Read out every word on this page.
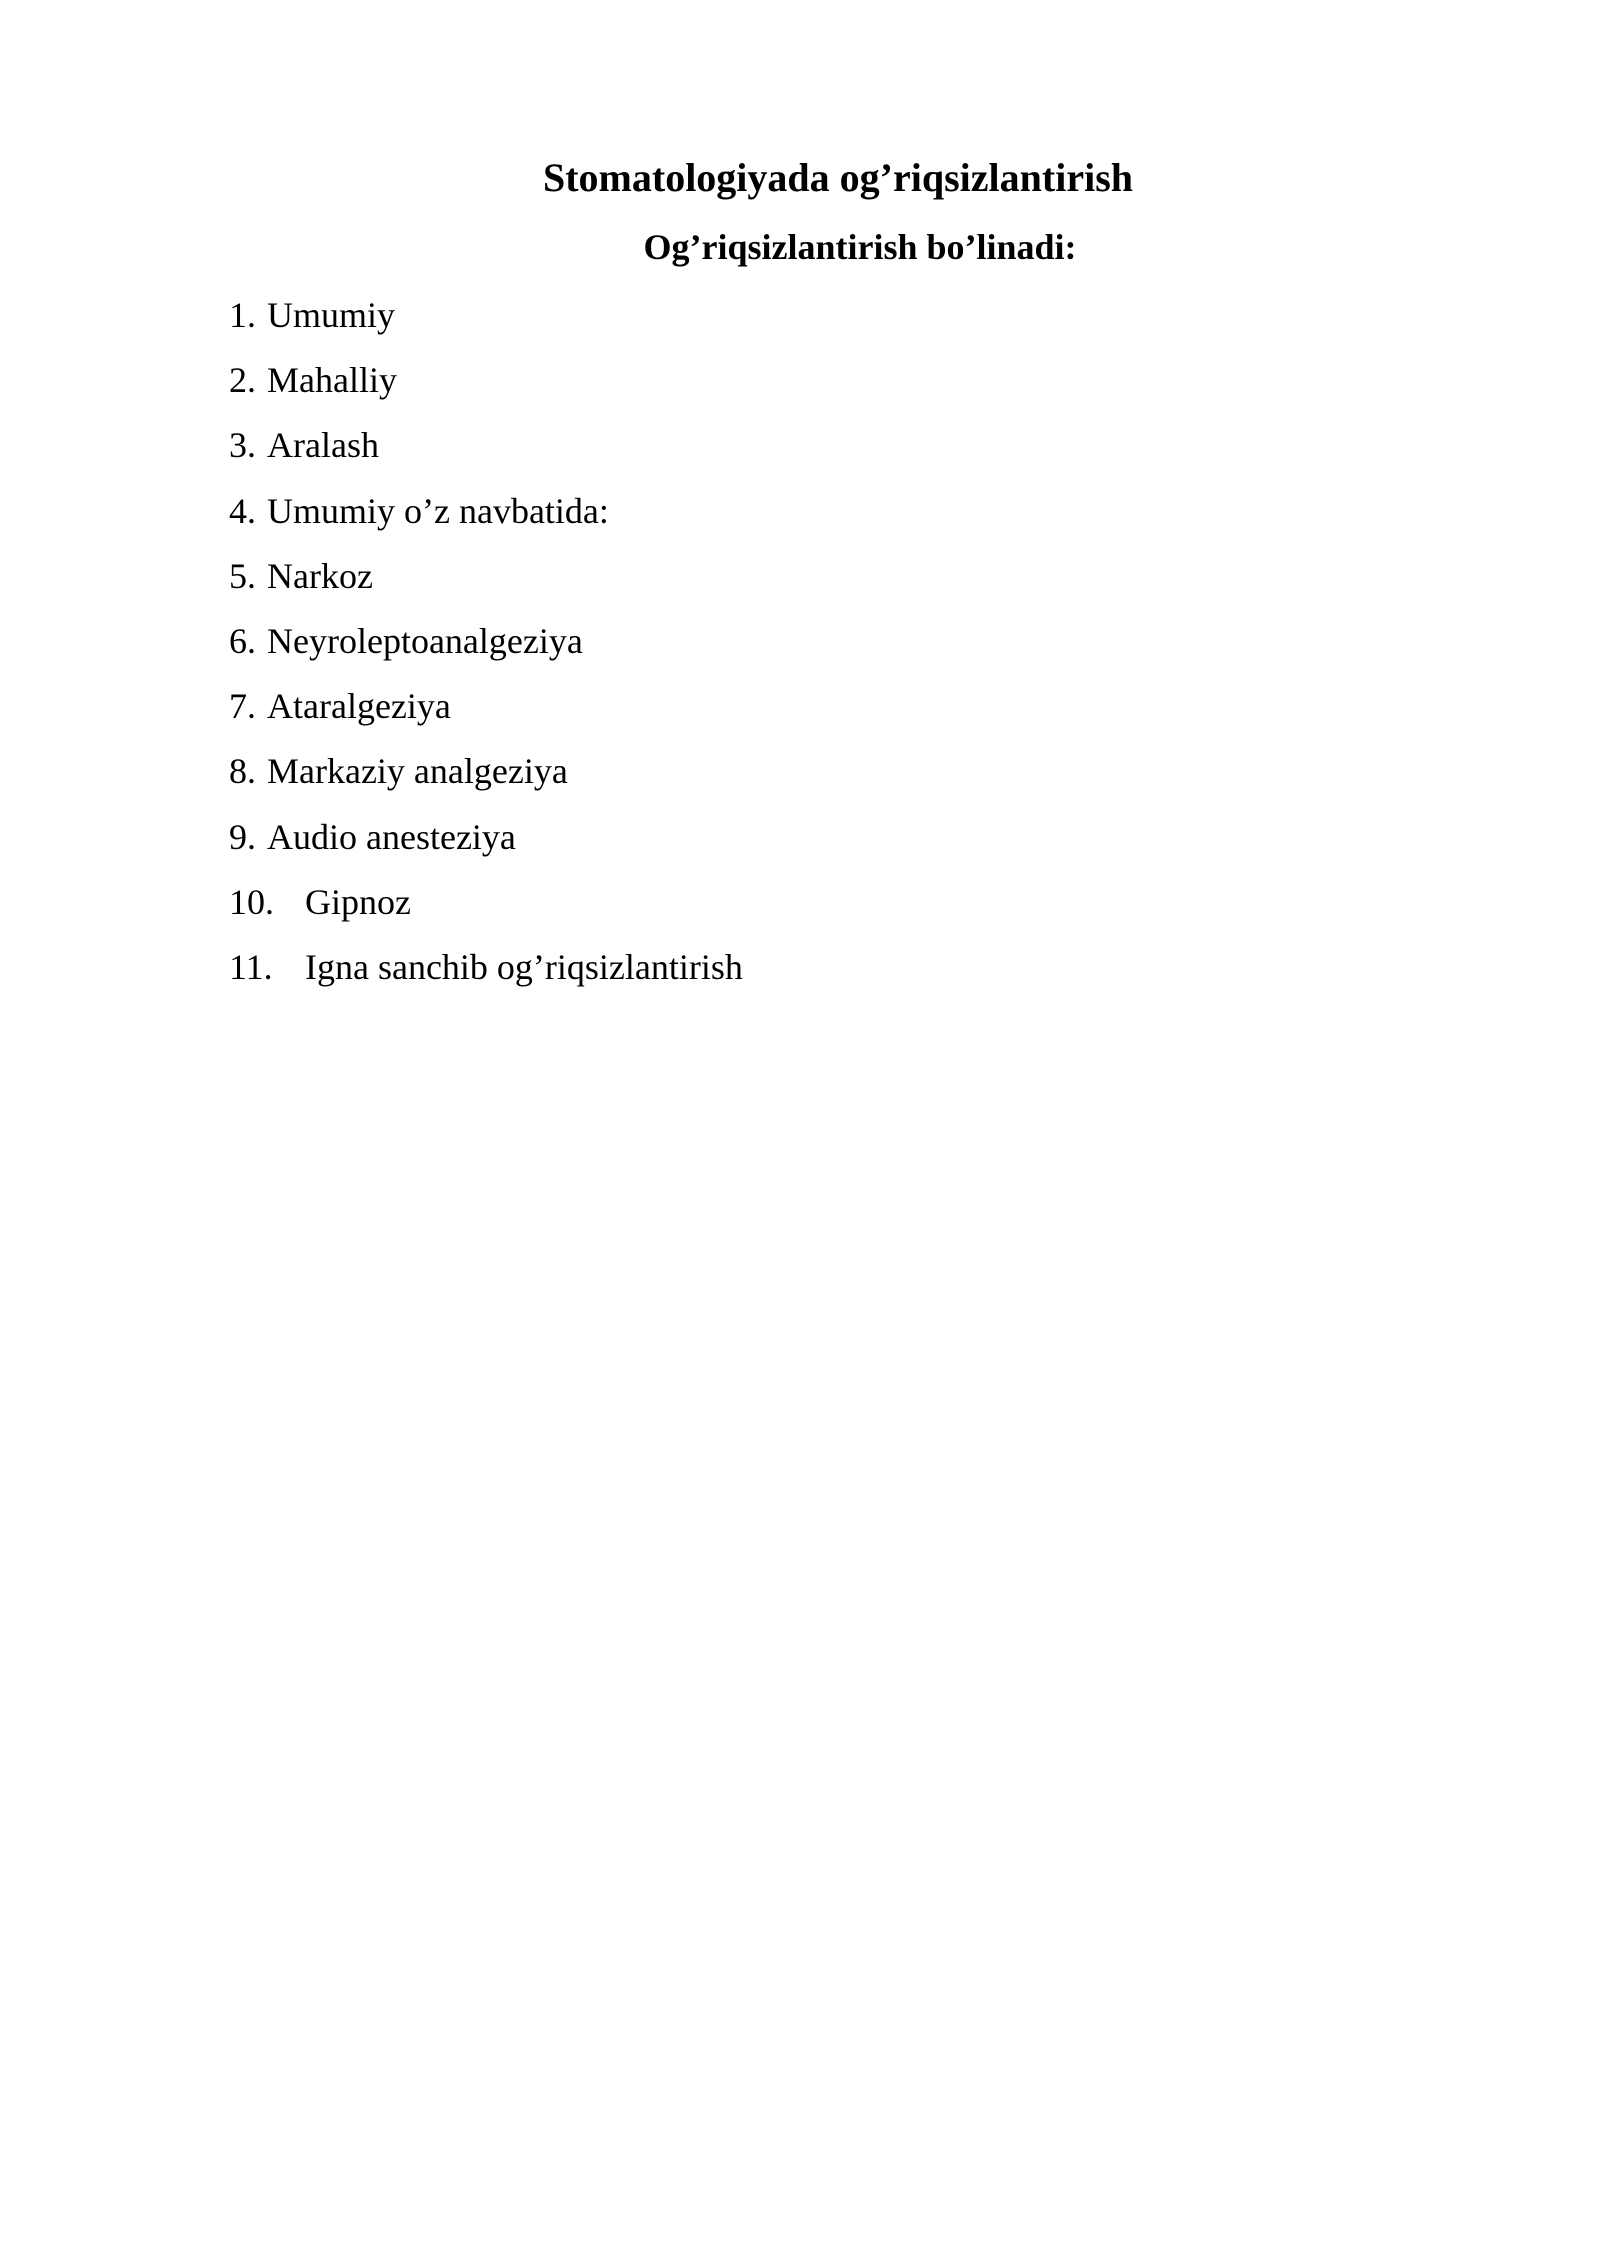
Stomatologiyada og’riqsizlantirish
Og’riqsizlantirish bo’linadi:
1. Umumiy
2. Mahalliy
3. Aralash
4. Umumiy o’z navbatida:
5. Narkoz
6. Neyroleptoanalgeziya
7. Ataralgeziya
8. Markaziy analgeziya
9. Audio anesteziya
10. Gipnoz
11. Igna sanchib og’riqsizlantirish
